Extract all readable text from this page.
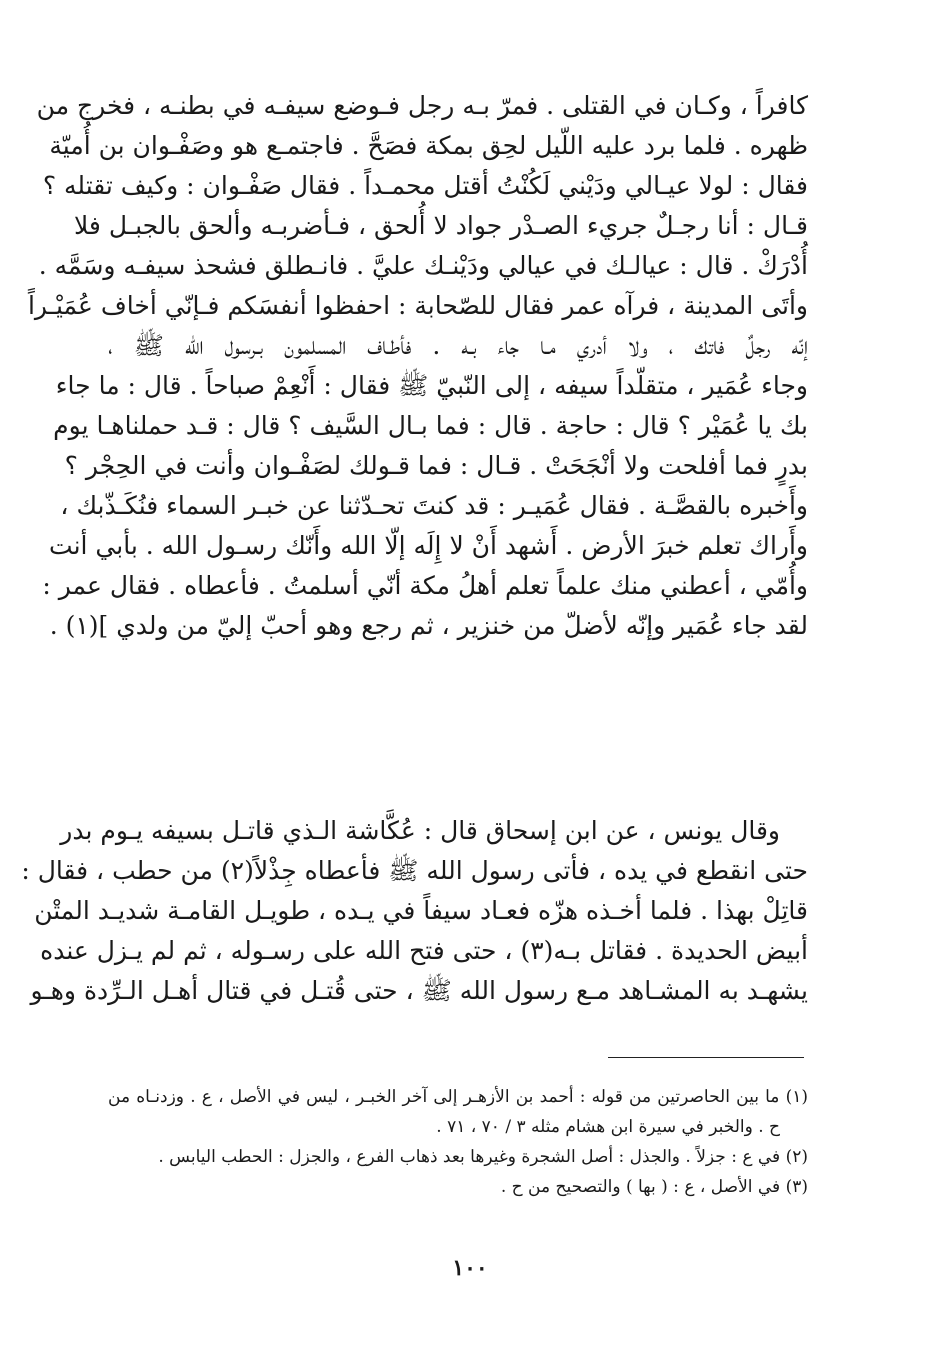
كافراً ، وكـان في القتلى . فمرّ بـه رجل فـوضع سيفـه في بطنـه ، فخرج من
ظهره . فلما برد عليه اللّيل لحِق بمكة فصَحَّ . فاجتمـع هو وصَفْـوان بن أُميّة
فقال : لولا عيـالي ودَيْني لَكُنْتُ أقتل محمـداً . فقال صَفْـوان : وكيف تقتله ؟
قـال : أنا رجـلٌ جريء الصـدْر جواد لا أُلحق ، فـأضربـه وألحق بالجبـل فلا
أُدْرَكْ . قال : عيالـك في عيالي ودَيْنـك عليَّ . فانـطلق فشحذ سيفـه وسَمَّه .
وأتَى المدينة ، فرآه عمر فقال للصّحابة : احفظوا أنفسَكم فـإنّي أخاف عُمَيْـراً
إنّه رجلٌ فاتك ، ولا أدري مـا جاء بـه . فأطـاف المسلمون بـرسول الله ﷺ ،
وجاء عُمَير ، متقلّداً سيفه ، إلى النّبيّ ﷺ فقال : أَنْعِمْ صباحاً . قال : ما جاء
بك يا عُمَيْر ؟ قال : حاجة . قال : فما بـال السَّيف ؟ قال : قـد حملناهـا يوم
بدرٍ فما أفلحت ولا أنْجَحَتْ . قـال : فما قـولك لصَفْـوان وأنت في الحِجْر ؟
وأَخبره بالقصَّـة . فقال عُمَيـر : قد كنتَ تحـدّثنا عن خبـر السماء فنُكَـذّبك ،
وأَراك تعلم خبرَ الأرض . أَشهد أَنْ لا إِلَه إلّا الله وأَنّك رسـول الله . بأبي أنت
وأُمّي ، أعطني منك علماً تعلم أهلُ مكة أنّي أسلمتُ . فأعطاه . فقال عمر :
لقد جاء عُمَير وإنّه لأضلّ من خنزير ، ثم رجع وهو أحبّ إليّ من ولدي ](١) .
وقال يونس ، عن ابن إسحاق قال : عُكَّاشة الـذي قاتـل بسيفه يـوم بدر
حتى انقطع في يده ، فأتى رسول الله ﷺ فأعطاه جِذْلاً(٢) من حطب ، فقال :
قاتِلْ بهذا . فلما أخـذه هزّه فعـاد سيفاً في يـده ، طويـل القامـة شديـد المتْن
أبيض الحديدة . فقاتل بـه(٣) ، حتى فتح الله على رسـوله ، ثم لم يـزل عنده
يشهـد به المشـاهد مـع رسول الله ﷺ ، حتى قُتـل في قتال أهـل الـرِّدة وهـو
(١) ما بين الحاصرتين من قوله : أحمد بن الأزهـر إلى آخر الخبـر ، ليس في الأصل ، ع . وزدنـاه من
ح . والخبر في سيرة ابن هشام مثله ٣ / ٧٠ ، ٧١ .
(٢) في ع : جزلاً . والجذل : أصل الشجرة وغيرها بعد ذهاب الفرع ، والجزل : الحطب اليابس .
(٣) في الأصل ، ع : ( بها ) والتصحيح من ح .
١٠٠
